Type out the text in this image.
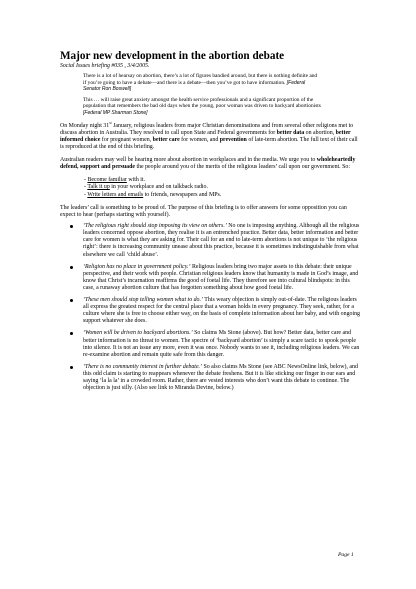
Major new development in the abortion debate
Social Issues briefing #035 , 3/4/2005.
There is a lot of hearsay on abortion, there’s a lot of figures bandied around, but there is nothing definite and if you’re going to have a debate—and there is a debate—then you’ve got to have information. [Federal Senator Ron Boswell]
This … will raise great anxiety amongst the health service professionals and a significant proportion of the population that remembers the bad old days when the young, poor woman was driven to backyard abortionists [Federal MP Sharman Stone]

On Monday night 31st January, religious leaders from major Christian denominations and from several other religions met to discuss abortion in Australia. They resolved to call upon State and Federal governments for better data on abortion, better informed choice for pregnant women, better care for women, and prevention of late-term abortion. The full text of their call is reproduced at the end of this briefing.

Australian readers may well be hearing more about abortion in workplaces and in the media. We urge you to wholeheartedly defend, support and persuade the people around you of the merits of the religious leaders’ call upon our government. So:

- Become familiar with it.
- Talk it up in your workplace and on talkback radio.
- Write letters and emails to friends, newspapers and MPs.

The leaders’ call is something to be proud of. The purpose of this briefing is to offer answers for some opposition you can expect to hear (perhaps starting with yourself).

‘The religious right should stop imposing its view on others.’ No one is imposing anything. Although all the religious leaders concerned oppose abortion, they realise it is an entrenched practice. Better data, better information and better care for women is what they are asking for. Their call for an end to late-term abortions is not unique to ‘the religious right’: there is increasing community unease about this practice, because it is sometimes indistinguishable from what elsewhere we call ‘child abuse’.
‘Religion has no place in government policy.’ Religious leaders bring two major assets to this debate: their unique perspective, and their work with people. Christian religious leaders know that humanity is made in God’s image, and know that Christ’s incarnation reaffirms the good of foetal life. They therefore see into cultural blindspots: in this case, a runaway abortion culture that has forgotten something about how good foetal life.
‘These men should stop telling women what to do.’ This weary objection is simply out-of-date. The religious leaders all express the greatest respect for the central place that a woman holds in every pregnancy. They seek, rather, for a culture where she is free to choose either way, on the basis of complete information about her baby, and with ongoing support whatever she does.
‘Women will be driven to backyard abortions.’ So claims Ms Stone (above). But how? Better data, better care and better information is no threat to women. The spectre of ‘backyard abortion’ is simply a scare tactic to spook people into silence. It is not an issue any more, even it was once. Nobody wants to see it, including religious leaders. We can re-examine abortion and remain quite safe from this danger.
‘There is no community interest in further debate.’ So also claims Ms Stone (see ABC NewsOnline link, below), and this odd claim is starting to reappears whenever the debate freshens. But it is like sticking our finger in our ears and saying ‘la la la’ in a crowded room. Rather, there are vested interests who don’t want this debate to continue. The objection is just silly. (Also see link to Miranda Devine, below.)
Page 1
